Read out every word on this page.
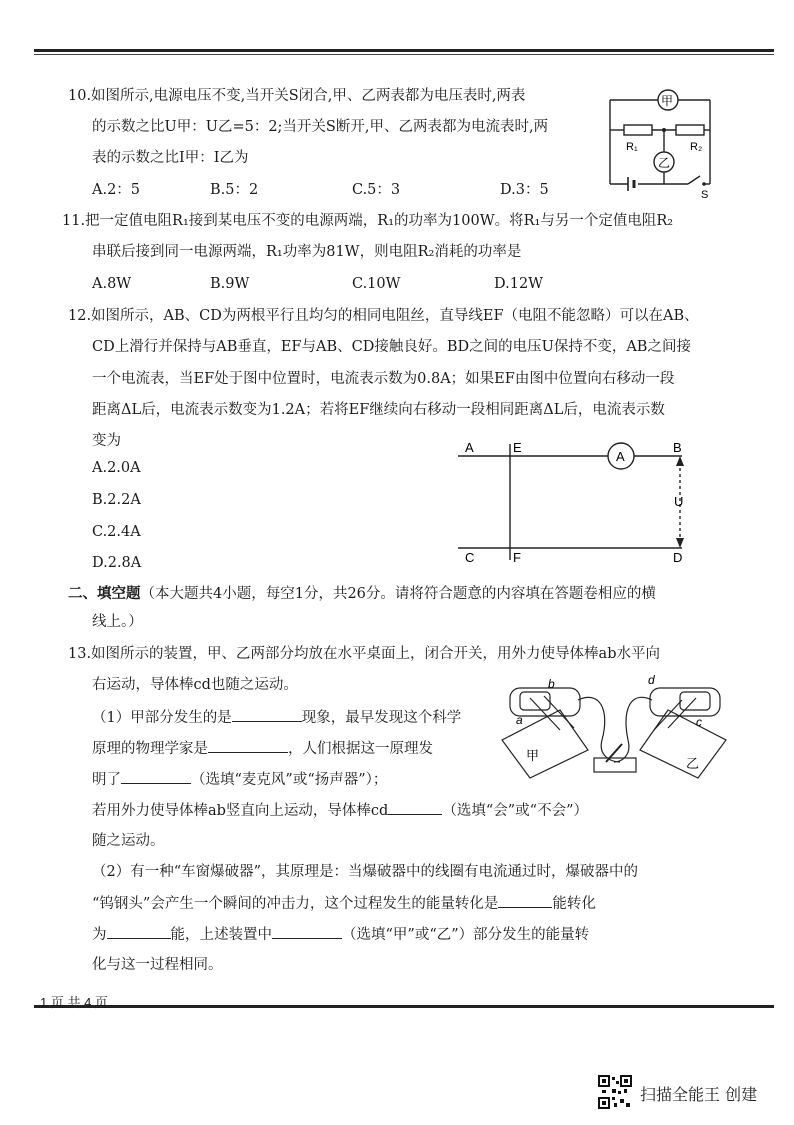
10.如图所示,电源电压不变,当开关S闭合,甲、乙两表都为电压表时,两表
的示数之比U甲：U乙=5：2;当开关S断开,甲、乙两表都为电流表时,两
表的示数之比I甲：I乙为
A.2：5	B.5：2	C.5：3	D.3：5
甲
乙
R₁	R₂
S
11.把一定值电阻R₁接到某电压不变的电源两端，R₁的功率为100W。将R₁与另一个定值电阻R₂
串联后接到同一电源两端，R₁功率为81W，则电阻R₂消耗的功率是
A.8W	B.9W	C.10W	D.12W
12.如图所示，AB、CD为两根平行且均匀的相同电阻丝，直导线EF（电阻不能忽略）可以在AB、
CD上滑行并保持与AB垂直，EF与AB、CD接触良好。BD之间的电压U保持不变，AB之间接
一个电流表，当EF处于图中位置时，电流表示数为0.8A；如果EF由图中位置向右移动一段
距离ΔL后，电流表示数变为1.2A；若将EF继续向右移动一段相同距离ΔL后，电流表示数
变为
A.2.0A
B.2.2A
C.2.4A
D.2.8A
A	E	B
A
U
C	F	D
二、填空题（本大题共4小题，每空1分，共26分。请将符合题意的内容填在答题卷相应的横
线上。）
13.如图所示的装置，甲、乙两部分均放在水平桌面上，闭合开关，用外力使导体棒ab水平向
右运动，导体棒cd也随之运动。
（1）甲部分发生的是	现象，最早发现这个科学
原理的物理学家是	，人们根据这一原理发
明了	（选填“麦克风”或“扬声器”）；
若用外力使导体棒ab竖直向上运动，导体棒cd	（选填“会”或“不会”）
随之运动。
（2）有一种“车窗爆破器”，其原理是：当爆破器中的线圈有电流通过时，爆破器中的
“钨钢头”会产生一个瞬间的冲击力，这个过程发生的能量转化是	能转化
为	能，上述装置中	（选填“甲”或“乙”）部分发生的能量转
化与这一过程相同。
b
a
d
c
甲
乙
1 页 共 4 页
扫描全能王 创建
